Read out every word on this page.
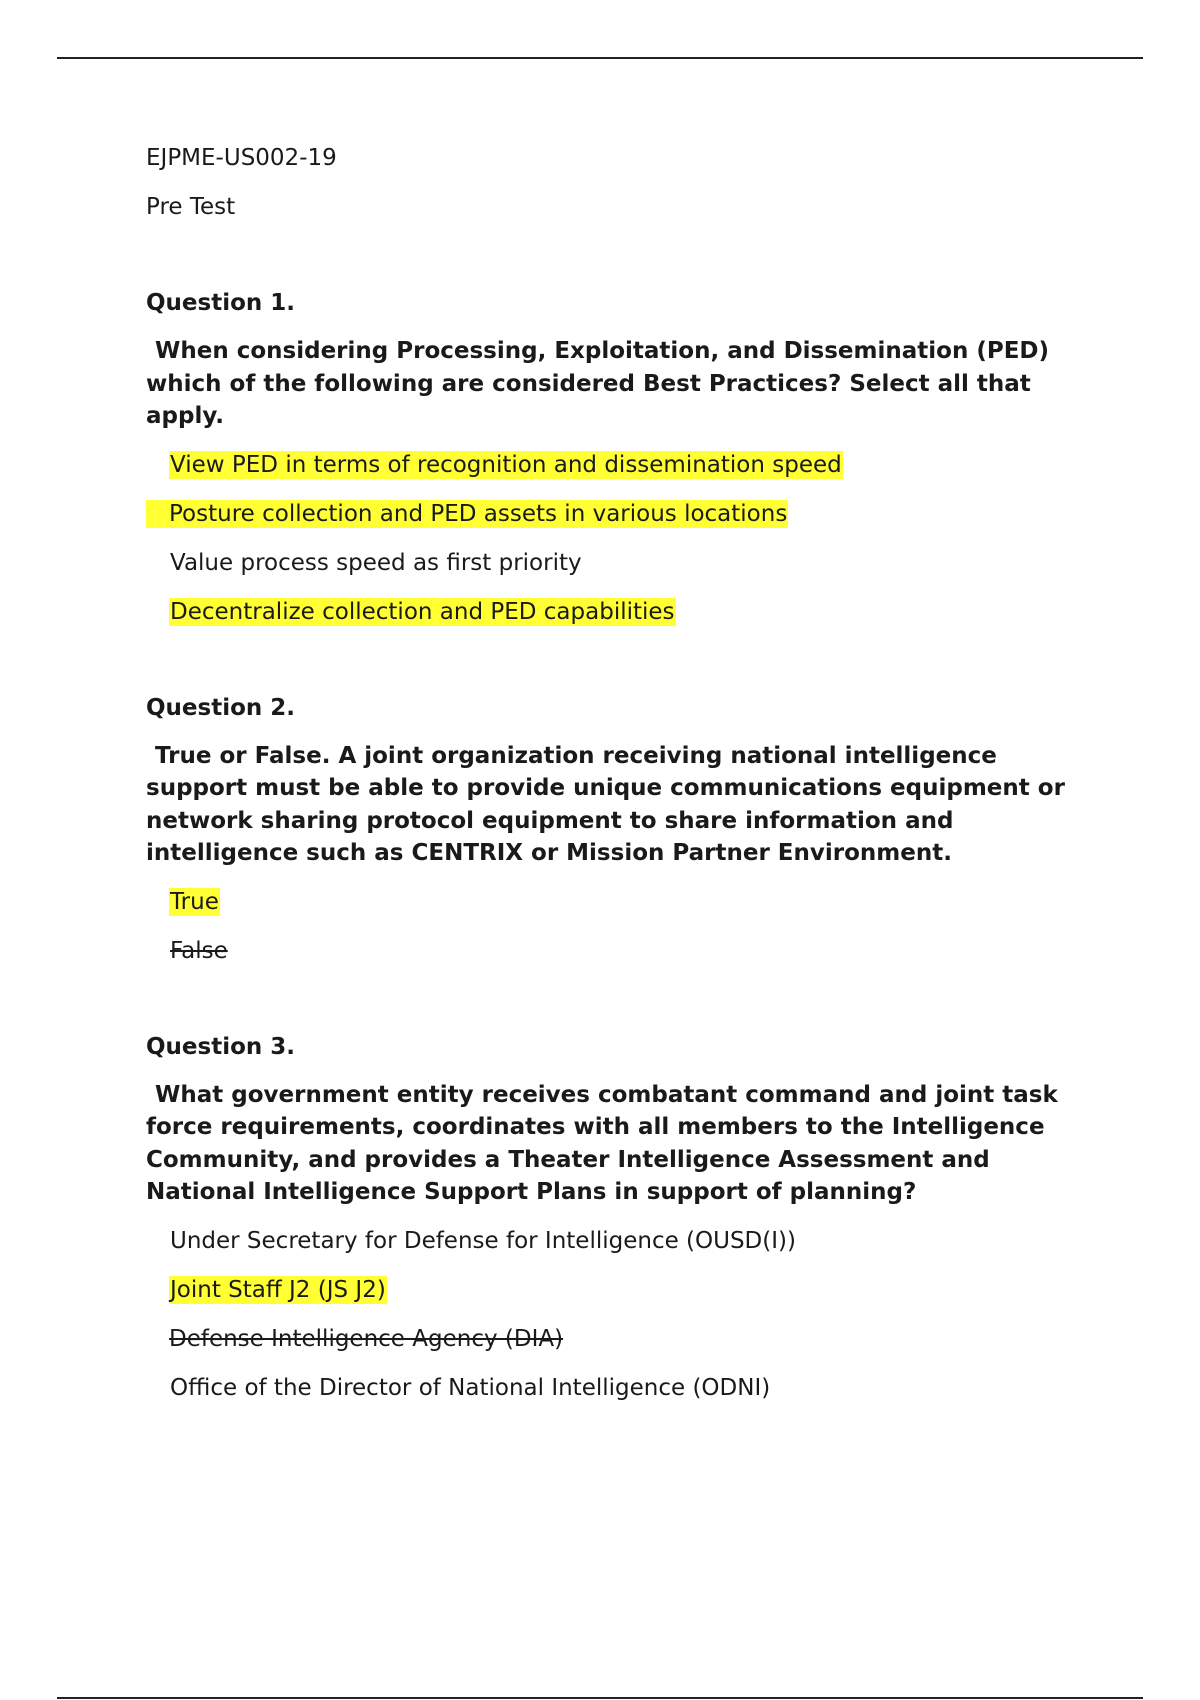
EJPME-US002-19
Pre Test
Question 1.
When considering Processing, Exploitation, and Dissemination (PED) which of the following are considered Best Practices? Select all that apply.
View PED in terms of recognition and dissemination speed
Posture collection and PED assets in various locations
Value process speed as first priority
Decentralize collection and PED capabilities
Question 2.
True or False. A joint organization receiving national intelligence support must be able to provide unique communications equipment or network sharing protocol equipment to share information and intelligence such as CENTRIX or Mission Partner Environment.
True
False
Question 3.
What government entity receives combatant command and joint task force requirements, coordinates with all members to the Intelligence Community, and provides a Theater Intelligence Assessment and National Intelligence Support Plans in support of planning?
Under Secretary for Defense for Intelligence (OUSD(I))
Joint Staff J2 (JS J2)
Defense Intelligence Agency (DIA)
Office of the Director of National Intelligence (ODNI)
